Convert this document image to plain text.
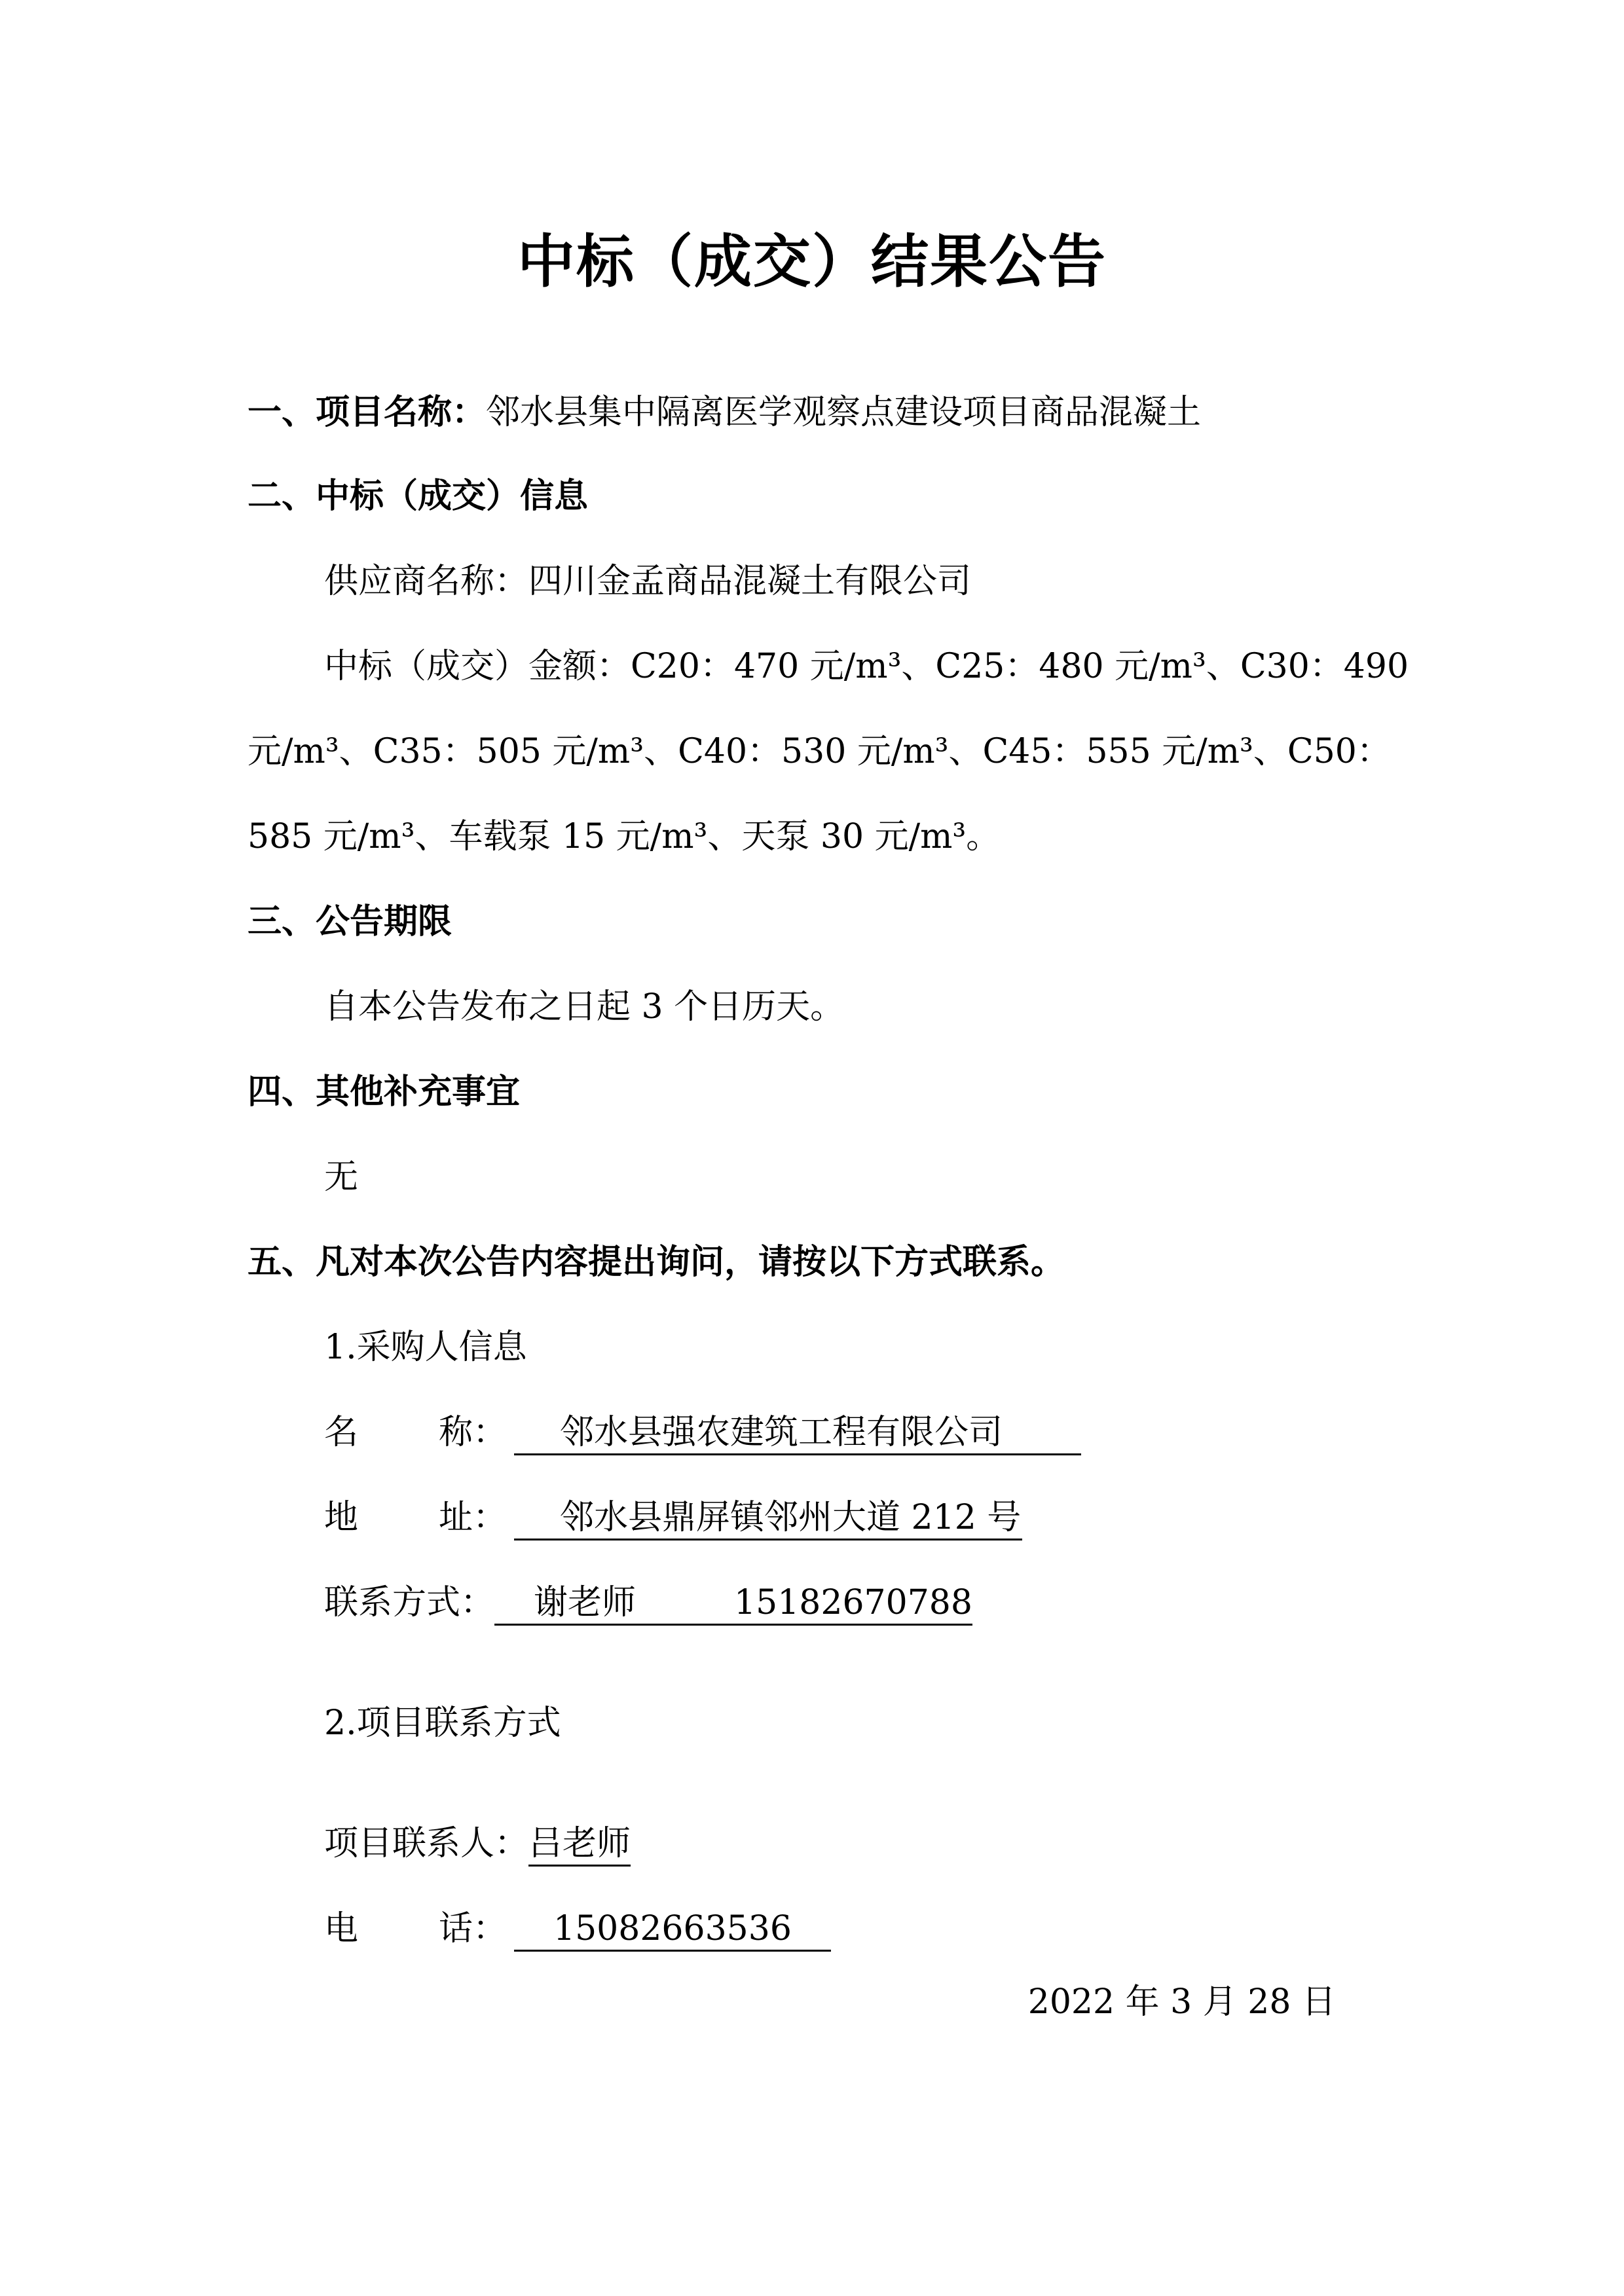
中标（成交）结果公告
一、项目名称：邻水县集中隔离医学观察点建设项目商品混凝土
二、中标（成交）信息
供应商名称：四川金孟商品混凝土有限公司
中标（成交）金额：C20：470 元/m³、C25：480 元/m³、C30：490
元/m³、C35：505 元/m³、C40：530 元/m³、C45：555 元/m³、C50：
585 元/m³、车载泵 15 元/m³、天泵 30 元/m³。
三、公告期限
自本公告发布之日起 3 个日历天。
四、其他补充事宜
无
五、凡对本次公告内容提出询问，请按以下方式联系。
1.采购人信息
名 称： 邻水县强农建筑工程有限公司
地 址： 邻水县鼎屏镇邻州大道 212 号
联系方式： 谢老师	15182670788
2.项目联系方式
项目联系人：吕老师
电 话： 15082663536
2022 年 3 月 28 日
